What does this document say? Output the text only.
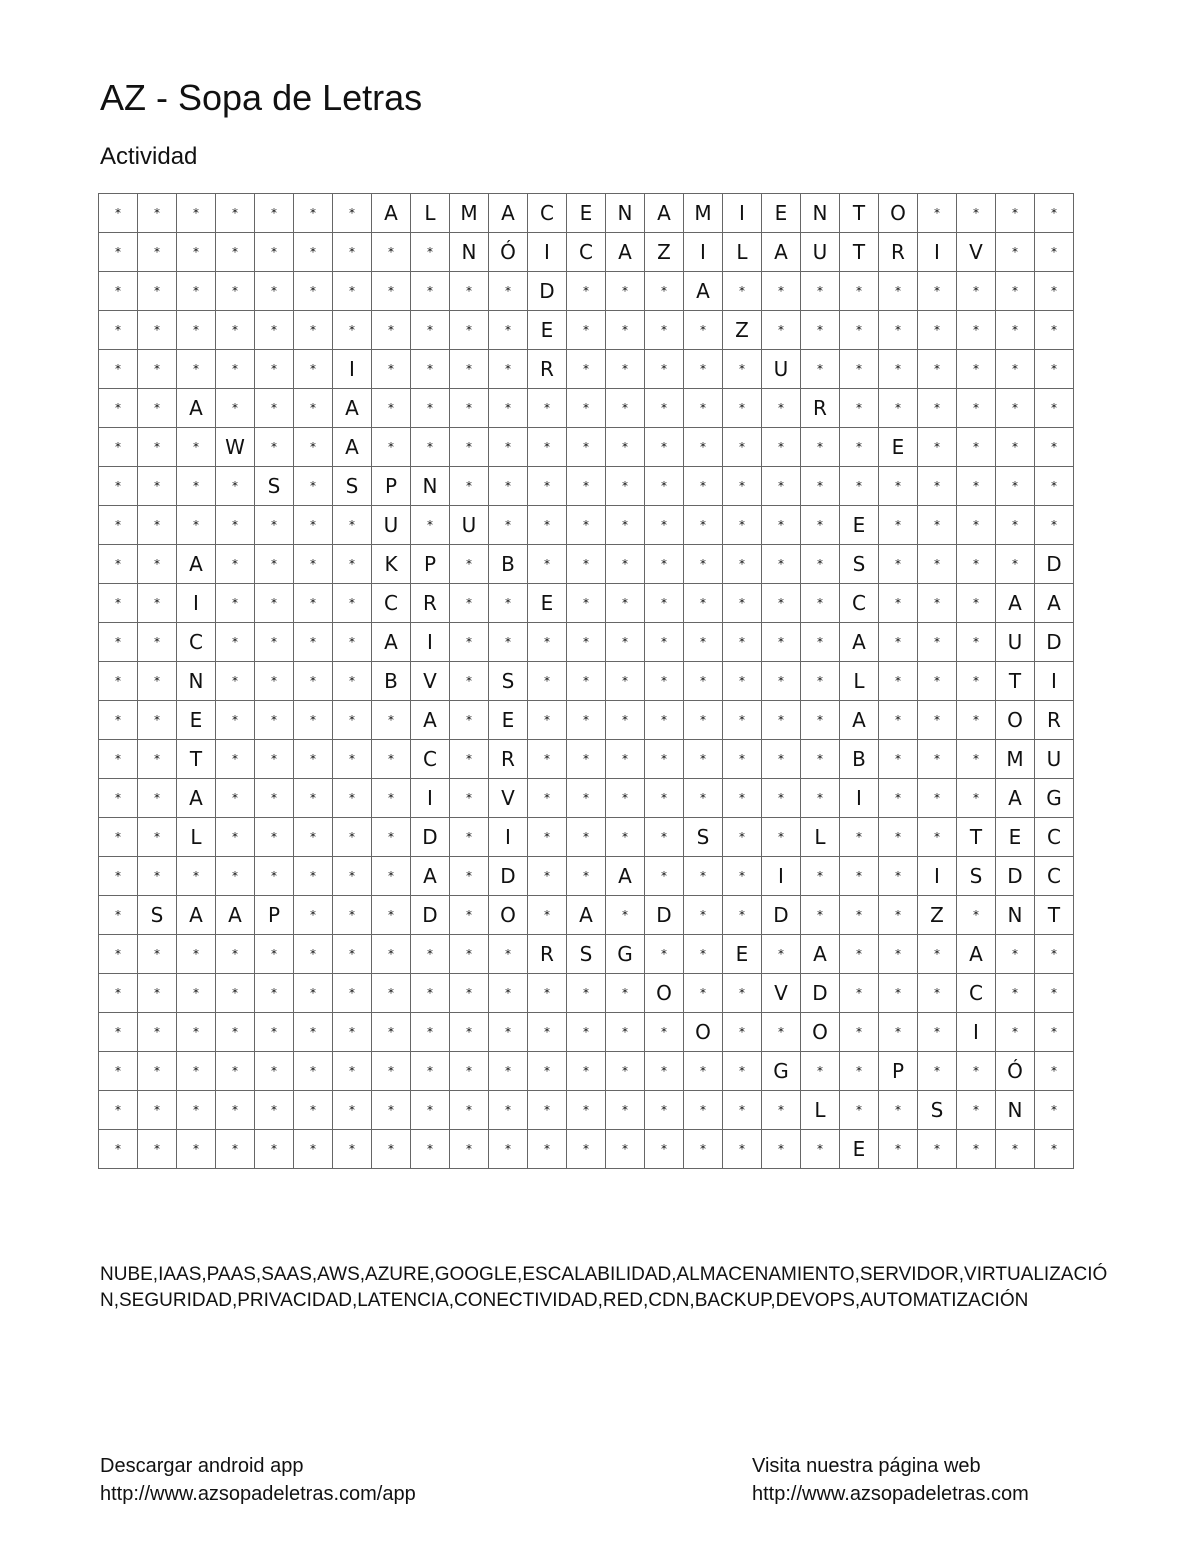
AZ - Sopa de Letras
Actividad
*	*	*	*	*	*	*	A	L	M	A	C	E	N	A	M	I	E	N	T	O	*	*	*	*
*	*	*	*	*	*	*	*	*	N	Ó	I	C	A	Z	I	L	A	U	T	R	I	V	*	*
*	*	*	*	*	*	*	*	*	*	*	D	*	*	*	A	*	*	*	*	*	*	*	*	*
*	*	*	*	*	*	*	*	*	*	*	E	*	*	*	*	Z	*	*	*	*	*	*	*	*
*	*	*	*	*	*	I	*	*	*	*	R	*	*	*	*	*	U	*	*	*	*	*	*	*
*	*	A	*	*	*	A	*	*	*	*	*	*	*	*	*	*	*	R	*	*	*	*	*	*
*	*	*	W	*	*	A	*	*	*	*	*	*	*	*	*	*	*	*	*	E	*	*	*	*
*	*	*	*	S	*	S	P	N	*	*	*	*	*	*	*	*	*	*	*	*	*	*	*	*
*	*	*	*	*	*	*	U	*	U	*	*	*	*	*	*	*	*	*	E	*	*	*	*	*
*	*	A	*	*	*	*	K	P	*	B	*	*	*	*	*	*	*	*	S	*	*	*	*	D
*	*	I	*	*	*	*	C	R	*	*	E	*	*	*	*	*	*	*	C	*	*	*	A	A
*	*	C	*	*	*	*	A	I	*	*	*	*	*	*	*	*	*	*	A	*	*	*	U	D
*	*	N	*	*	*	*	B	V	*	S	*	*	*	*	*	*	*	*	L	*	*	*	T	I
*	*	E	*	*	*	*	*	A	*	E	*	*	*	*	*	*	*	*	A	*	*	*	O	R
*	*	T	*	*	*	*	*	C	*	R	*	*	*	*	*	*	*	*	B	*	*	*	M	U
*	*	A	*	*	*	*	*	I	*	V	*	*	*	*	*	*	*	*	I	*	*	*	A	G
*	*	L	*	*	*	*	*	D	*	I	*	*	*	*	S	*	*	L	*	*	*	T	E	C
*	*	*	*	*	*	*	*	A	*	D	*	*	A	*	*	*	I	*	*	*	I	S	D	C
*	S	A	A	P	*	*	*	D	*	O	*	A	*	D	*	*	D	*	*	*	Z	*	N	T
*	*	*	*	*	*	*	*	*	*	*	R	S	G	*	*	E	*	A	*	*	*	A	*	*
*	*	*	*	*	*	*	*	*	*	*	*	*	*	O	*	*	V	D	*	*	*	C	*	*
*	*	*	*	*	*	*	*	*	*	*	*	*	*	*	O	*	*	O	*	*	*	I	*	*
*	*	*	*	*	*	*	*	*	*	*	*	*	*	*	*	*	G	*	*	P	*	*	Ó	*
*	*	*	*	*	*	*	*	*	*	*	*	*	*	*	*	*	*	L	*	*	S	*	N	*
*	*	*	*	*	*	*	*	*	*	*	*	*	*	*	*	*	*	*	E	*	*	*	*	*
NUBE,IAAS,PAAS,SAAS,AWS,AZURE,GOOGLE,ESCALABILIDAD,ALMACENAMIENTO,SERVIDOR,VIRTUALIZACIÓN,SEGURIDAD,PRIVACIDAD,LATENCIA,CONECTIVIDAD,RED,CDN,BACKUP,DEVOPS,AUTOMATIZACIÓN
Descargar android app
http://www.azsopadeletras.com/app
Visita nuestra página web
http://www.azsopadeletras.com
